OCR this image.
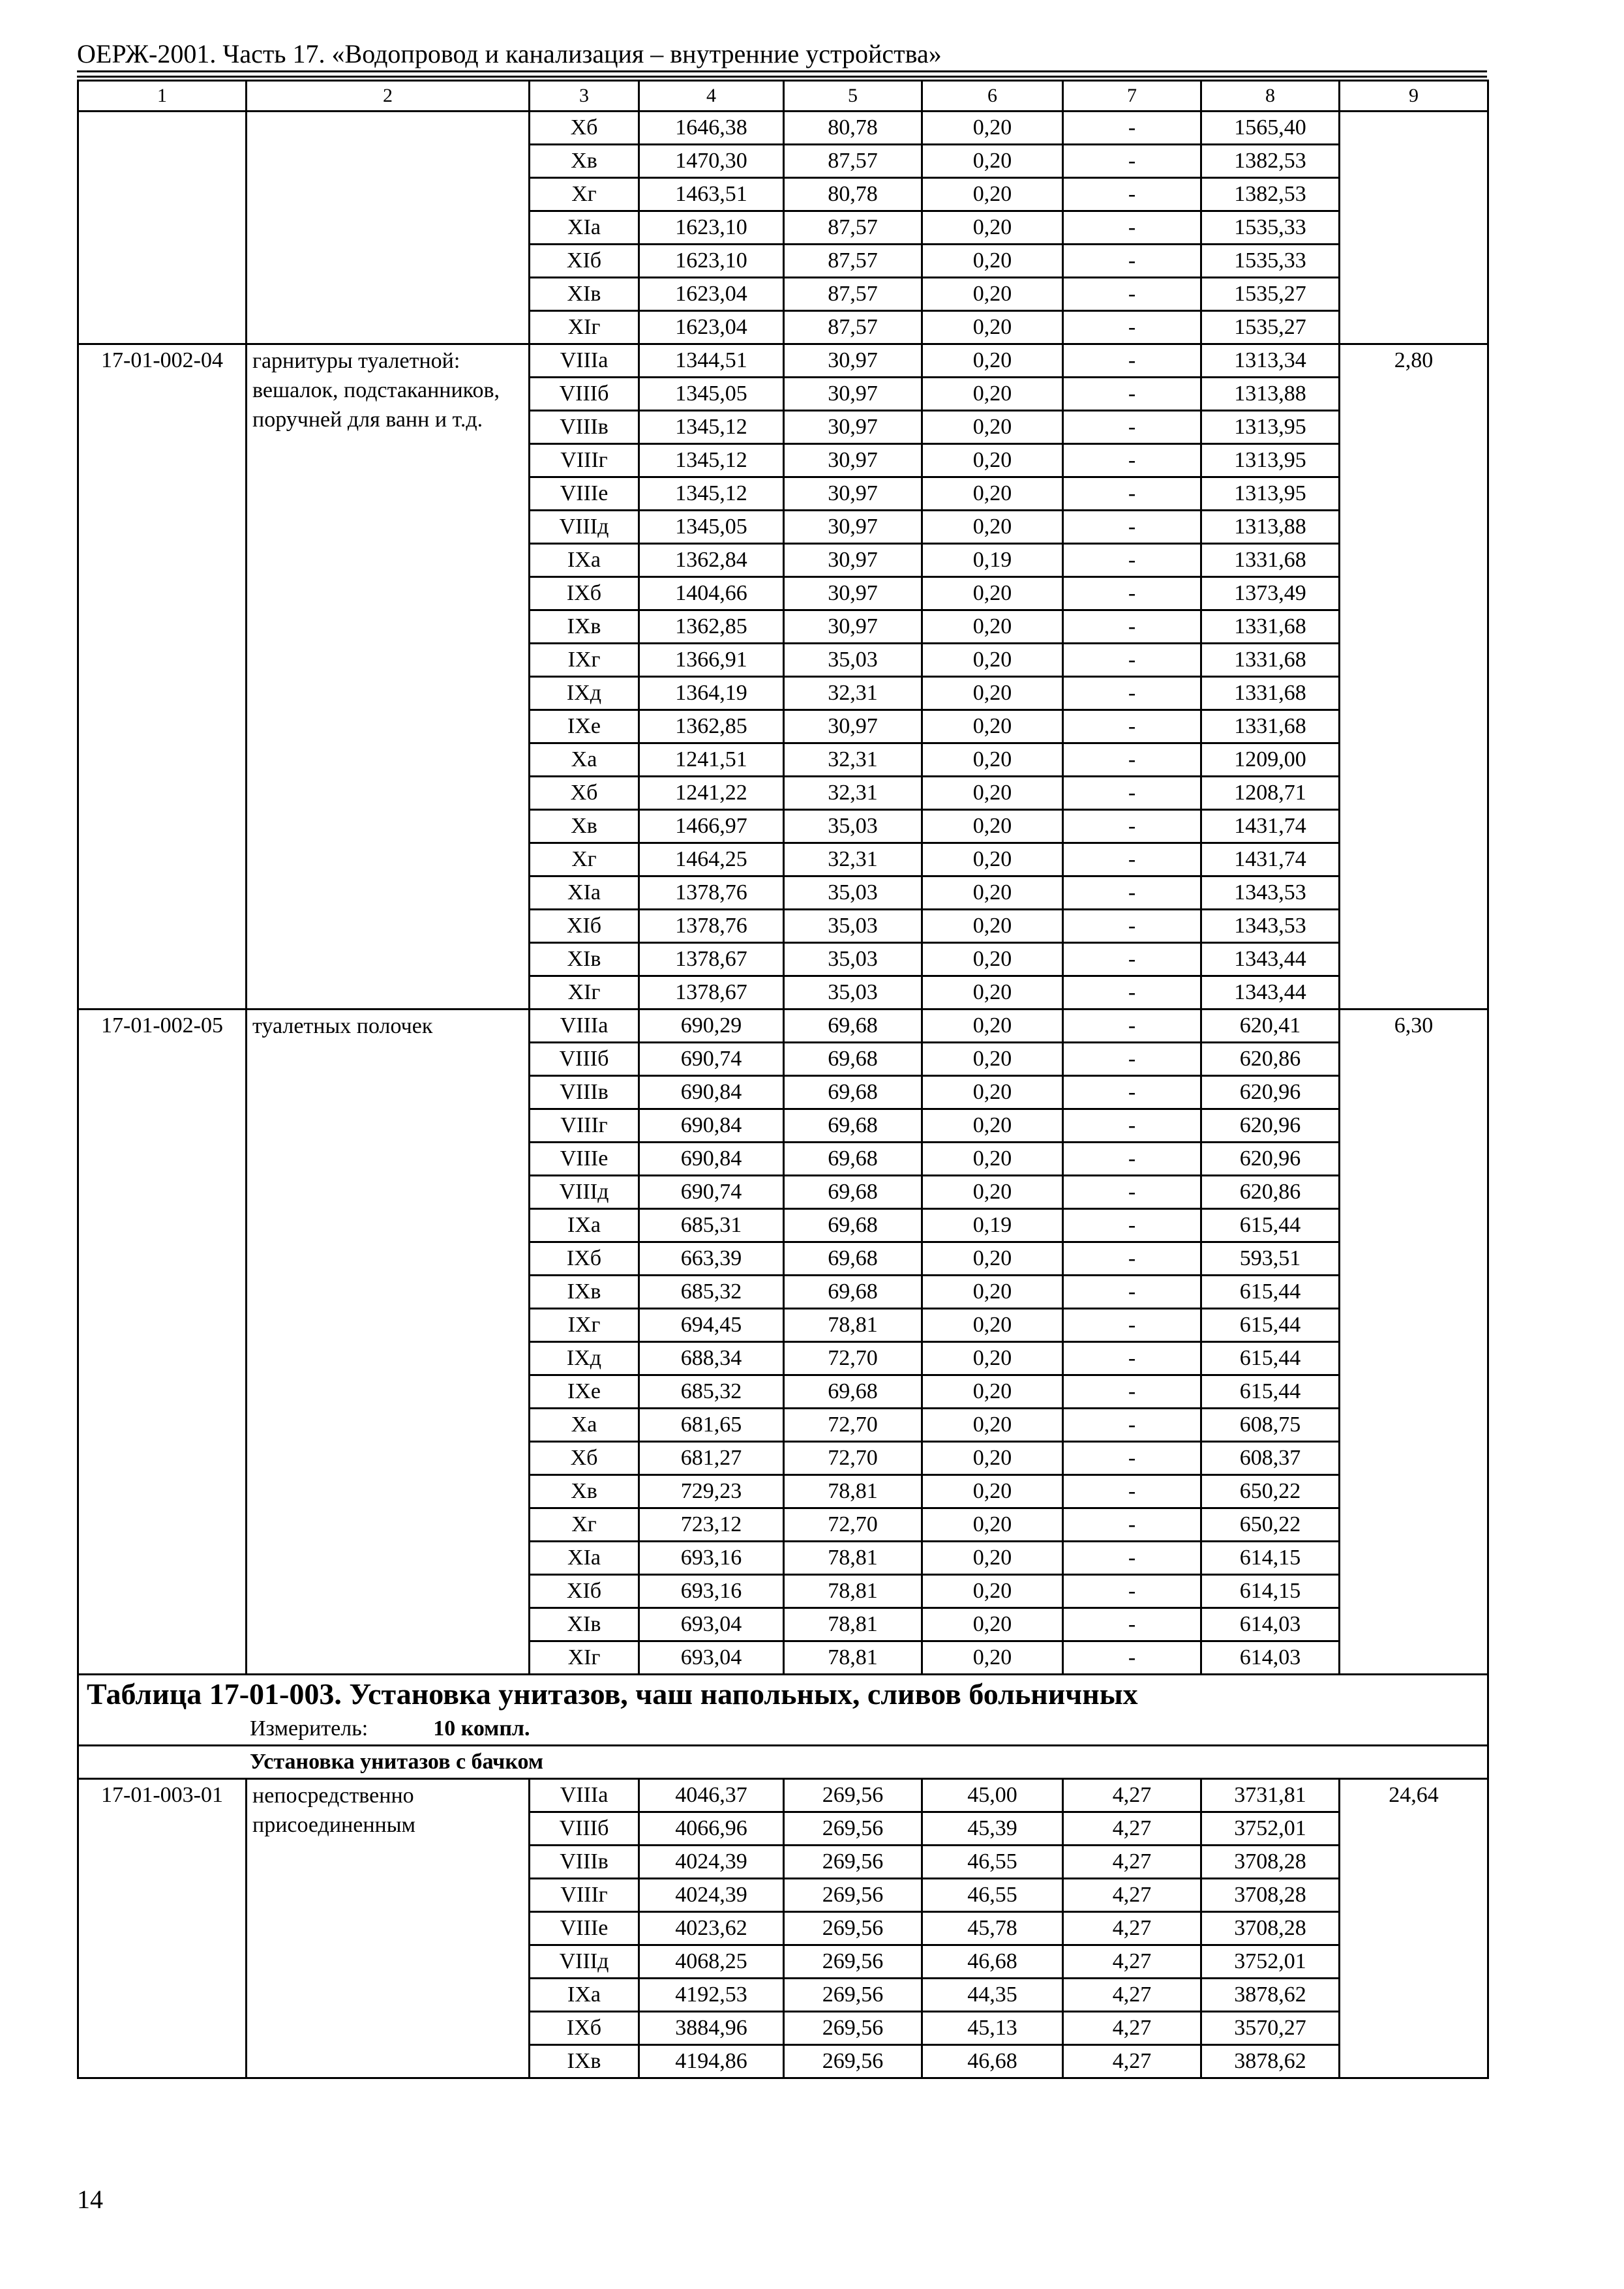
ОЕРЖ-2001. Часть 17. «Водопровод и канализация – внутренние устройства»
1	2	3	4	5	6	7	8	9
		Xб	1646,38	80,78	0,20	-	1565,40	
		Xв	1470,30	87,57	0,20	-	1382,53	
		Xг	1463,51	80,78	0,20	-	1382,53	
		XIa	1623,10	87,57	0,20	-	1535,33	
		XIб	1623,10	87,57	0,20	-	1535,33	
		XIв	1623,04	87,57	0,20	-	1535,27	
		XIг	1623,04	87,57	0,20	-	1535,27	
17-01-002-04	гарнитуры туалетной: вешалок, подстаканников, поручней для ванн и т.д.	VIIIa	1344,51	30,97	0,20	-	1313,34	2,80
		VIIIб	1345,05	30,97	0,20	-	1313,88	
		VIIIв	1345,12	30,97	0,20	-	1313,95	
		VIIIг	1345,12	30,97	0,20	-	1313,95	
		VIIIe	1345,12	30,97	0,20	-	1313,95	
		VIIIд	1345,05	30,97	0,20	-	1313,88	
		IXa	1362,84	30,97	0,19	-	1331,68	
		IXб	1404,66	30,97	0,20	-	1373,49	
		IXв	1362,85	30,97	0,20	-	1331,68	
		IXг	1366,91	35,03	0,20	-	1331,68	
		IXд	1364,19	32,31	0,20	-	1331,68	
		IXe	1362,85	30,97	0,20	-	1331,68	
		Xa	1241,51	32,31	0,20	-	1209,00	
		Xб	1241,22	32,31	0,20	-	1208,71	
		Xв	1466,97	35,03	0,20	-	1431,74	
		Xг	1464,25	32,31	0,20	-	1431,74	
		XIa	1378,76	35,03	0,20	-	1343,53	
		XIб	1378,76	35,03	0,20	-	1343,53	
		XIв	1378,67	35,03	0,20	-	1343,44	
		XIг	1378,67	35,03	0,20	-	1343,44	
17-01-002-05	туалетных полочек	VIIIa	690,29	69,68	0,20	-	620,41	6,30
		VIIIб	690,74	69,68	0,20	-	620,86	
		VIIIв	690,84	69,68	0,20	-	620,96	
		VIIIг	690,84	69,68	0,20	-	620,96	
		VIIIe	690,84	69,68	0,20	-	620,96	
		VIIIд	690,74	69,68	0,20	-	620,86	
		IXa	685,31	69,68	0,19	-	615,44	
		IXб	663,39	69,68	0,20	-	593,51	
		IXв	685,32	69,68	0,20	-	615,44	
		IXг	694,45	78,81	0,20	-	615,44	
		IXд	688,34	72,70	0,20	-	615,44	
		IXe	685,32	69,68	0,20	-	615,44	
		Xa	681,65	72,70	0,20	-	608,75	
		Xб	681,27	72,70	0,20	-	608,37	
		Xв	729,23	78,81	0,20	-	650,22	
		Xг	723,12	72,70	0,20	-	650,22	
		XIa	693,16	78,81	0,20	-	614,15	
		XIб	693,16	78,81	0,20	-	614,15	
		XIв	693,04	78,81	0,20	-	614,03	
		XIг	693,04	78,81	0,20	-	614,03	
Таблица 17-01-003. Установка унитазов, чаш напольных, сливов больничных								
Измеритель: 10 компл.								
Установка унитазов с бачком								
17-01-003-01	непосредственно присоединенным	VIIIa	4046,37	269,56	45,00	4,27	3731,81	24,64
		VIIIб	4066,96	269,56	45,39	4,27	3752,01	
		VIIIв	4024,39	269,56	46,55	4,27	3708,28	
		VIIIг	4024,39	269,56	46,55	4,27	3708,28	
		VIIIe	4023,62	269,56	45,78	4,27	3708,28	
		VIIIд	4068,25	269,56	46,68	4,27	3752,01	
		IXa	4192,53	269,56	44,35	4,27	3878,62	
		IXб	3884,96	269,56	45,13	4,27	3570,27	
		IXв	4194,86	269,56	46,68	4,27	3878,62	
14
